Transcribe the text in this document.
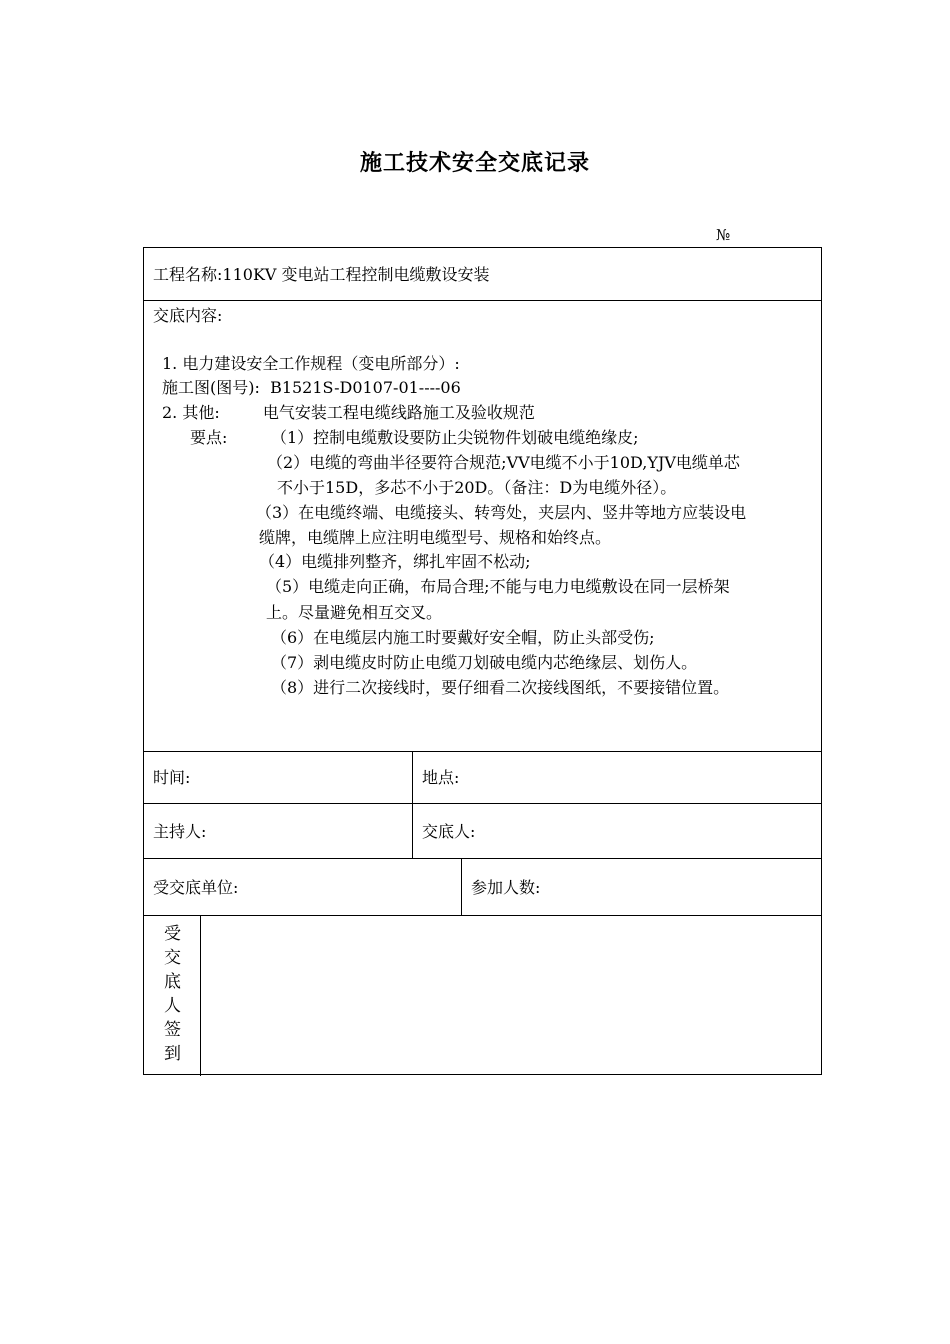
施工技术安全交底记录
№
工程名称:110KV 变电站工程控制电缆敷设安装
交底内容:
1. 电力建设安全工作规程（变电所部分）:
施工图(图号): B1521S-D0107-01----06
2. 其他:	电气安装工程电缆线路施工及验收规范
要点:	（1）控制电缆敷设要防止尖锐物件划破电缆绝缘皮;
（2）电缆的弯曲半径要符合规范;VV电缆不小于10D,YJV电缆单芯
不小于15D，多芯不小于20D。（备注：D为电缆外径）。
（3）在电缆终端、电缆接头、转弯处，夹层内、竖井等地方应装设电
缆牌，电缆牌上应注明电缆型号、规格和始终点。
（4）电缆排列整齐，绑扎牢固不松动;
（5）电缆走向正确，布局合理;不能与电力电缆敷设在同一层桥架
上。尽量避免相互交叉。
（6）在电缆层内施工时要戴好安全帽，防止头部受伤;
（7）剥电缆皮时防止电缆刀划破电缆内芯绝缘层、划伤人。
（8）进行二次接线时，要仔细看二次接线图纸，不要接错位置。
时间:	地点:
主持人:	交底人:
受交底单位:	参加人数:
受
交
底
人
签
到
